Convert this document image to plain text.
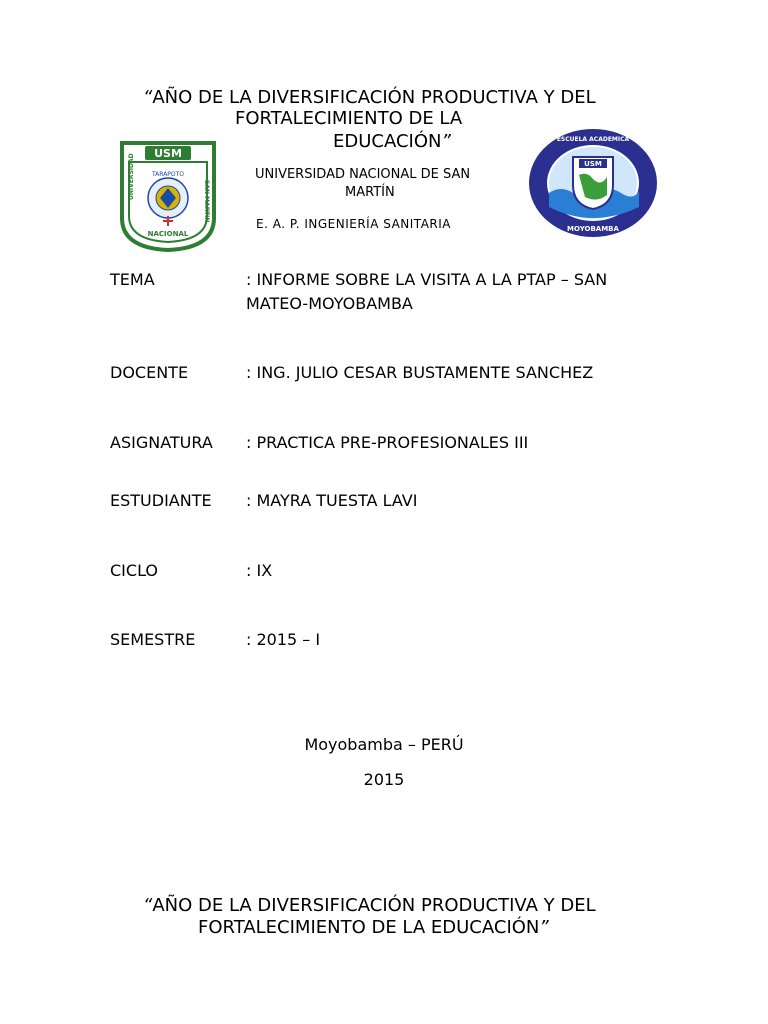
“AÑO DE LA DIVERSIFICACIÓN PRODUCTIVA Y DEL
FORTALECIMIENTO DE LA
EDUCACIÓN”
USM
TARAPOTO
NACIONAL
UNIVERSIDAD
SAN MARTIN
UNIVERSIDAD NACIONAL DE SAN
MARTÍN
E. A. P. INGENIERÍA SANITARIA
USM
MOYOBAMBA
ESCUELA ACADEMICA
TEMA	: INFORME SOBRE LA VISITA A LA PTAP – SAN
MATEO-MOYOBAMBA
DOCENTE	: ING. JULIO CESAR BUSTAMENTE SANCHEZ
ASIGNATURA	: PRACTICA PRE-PROFESIONALES III
ESTUDIANTE	: MAYRA TUESTA LAVI
CICLO	: IX
SEMESTRE	: 2015 – I
Moyobamba – PERÚ
2015
“AÑO DE LA DIVERSIFICACIÓN PRODUCTIVA Y DEL
FORTALECIMIENTO DE LA EDUCACIÓN”
